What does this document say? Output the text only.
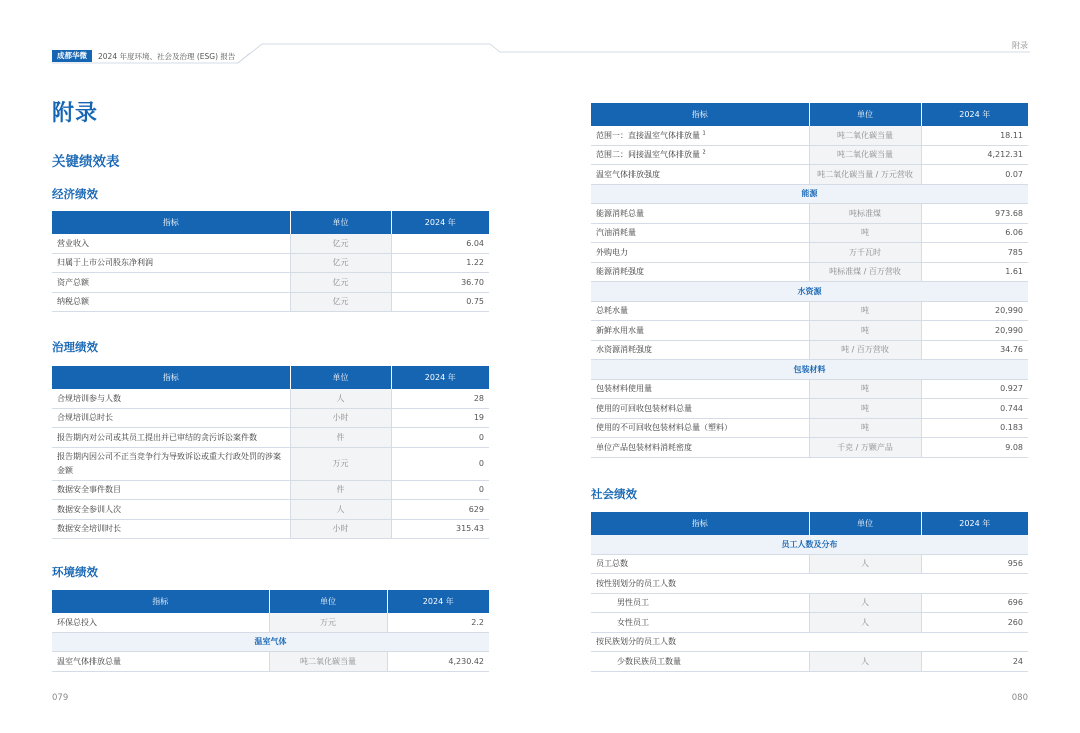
成都华微	2024 年度环境、社会及治理 (ESG) 报告
附录
附录
关键绩效表
经济绩效
指标	单位	2024 年
营业收入	亿元	6.04
归属于上市公司股东净利润	亿元	1.22
资产总额	亿元	36.70
纳税总额	亿元	0.75
治理绩效
指标	单位	2024 年
合规培训参与人数	人	28
合规培训总时长	小时	19
报告期内对公司或其员工提出并已审结的贪污诉讼案件数	件	0
报告期内因公司不正当竞争行为导致诉讼或重大行政处罚的涉案金额	万元	0
数据安全事件数目	件	0
数据安全参训人次	人	629
数据安全培训时长	小时	315.43
环境绩效
指标	单位	2024 年
环保总投入	万元	2.2
温室气体		
温室气体排放总量	吨二氧化碳当量	4,230.42
079
指标	单位	2024 年
范围一：直接温室气体排放量 $^1$	吨二氧化碳当量	18.11
范围二：间接温室气体排放量 $^2$	吨二氧化碳当量	4,212.31
温室气体排放强度	吨二氧化碳当量 / 万元营收	0.07
能源		
能源消耗总量	吨标准煤	973.68
汽油消耗量	吨	6.06
外购电力	万千瓦时	785
能源消耗强度	吨标准煤 / 百万营收	1.61
水资源		
总耗水量	吨	20,990
新鲜水用水量	吨	20,990
水资源消耗强度	吨 / 百万营收	34.76
包装材料		
包装材料使用量	吨	0.927
使用的可回收包装材料总量	吨	0.744
使用的不可回收包装材料总量（塑料）	吨	0.183
单位产品包装材料消耗密度	千克 / 万颗产品	9.08
社会绩效
指标	单位	2024 年
员工人数及分布		
员工总数	人	956
按性别划分的员工人数		
男性员工	人	696
女性员工	人	260
按民族划分的员工人数		
少数民族员工数量	人	24
080
